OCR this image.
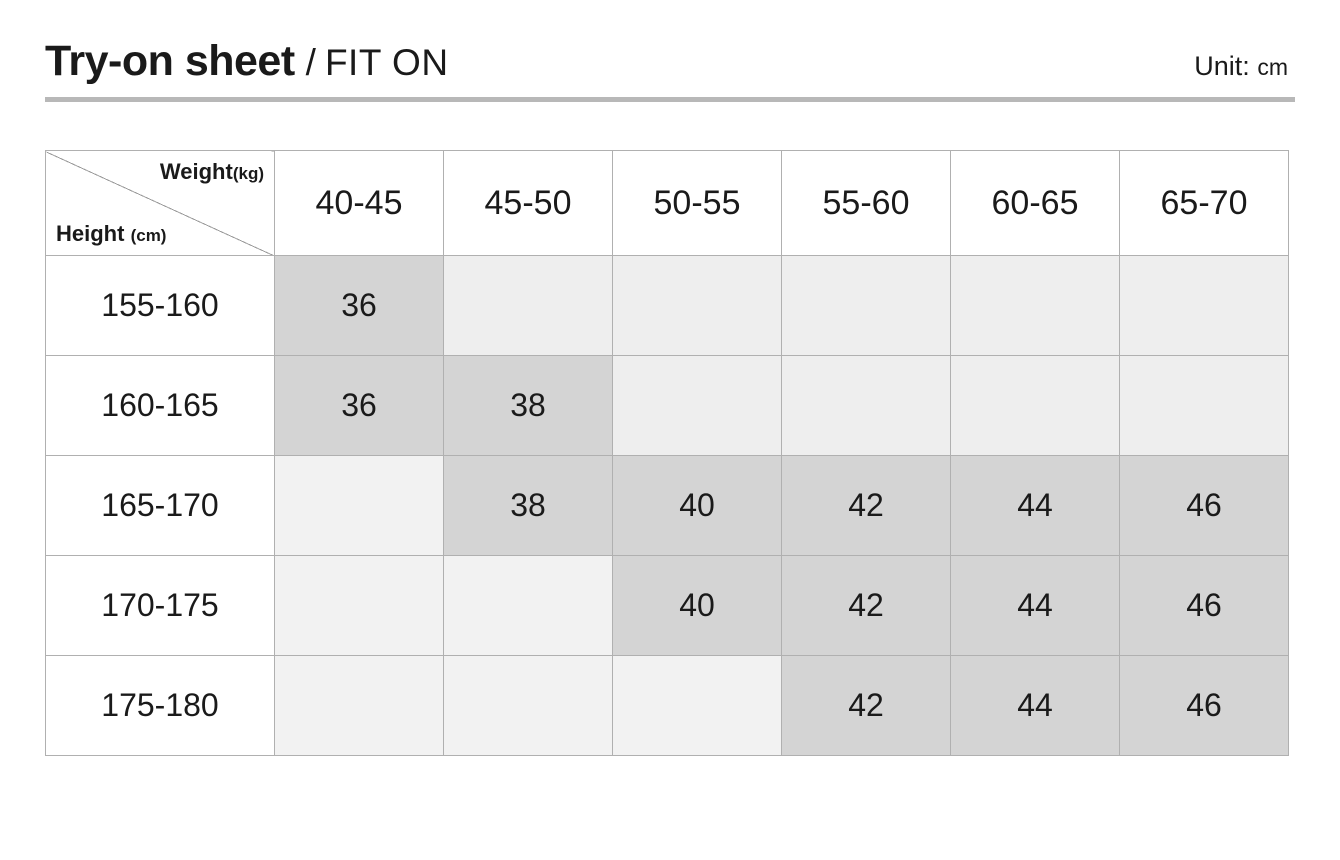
Try-on sheet / FIT ON	Unit: cm
Weight(kg)
Height (cm)	40-45	45-50	50-55	55-60	60-65	65-70
155-160	36					
160-165	36	38				
165-170		38	40	42	44	46
170-175			40	42	44	46
175-180				42	44	46
